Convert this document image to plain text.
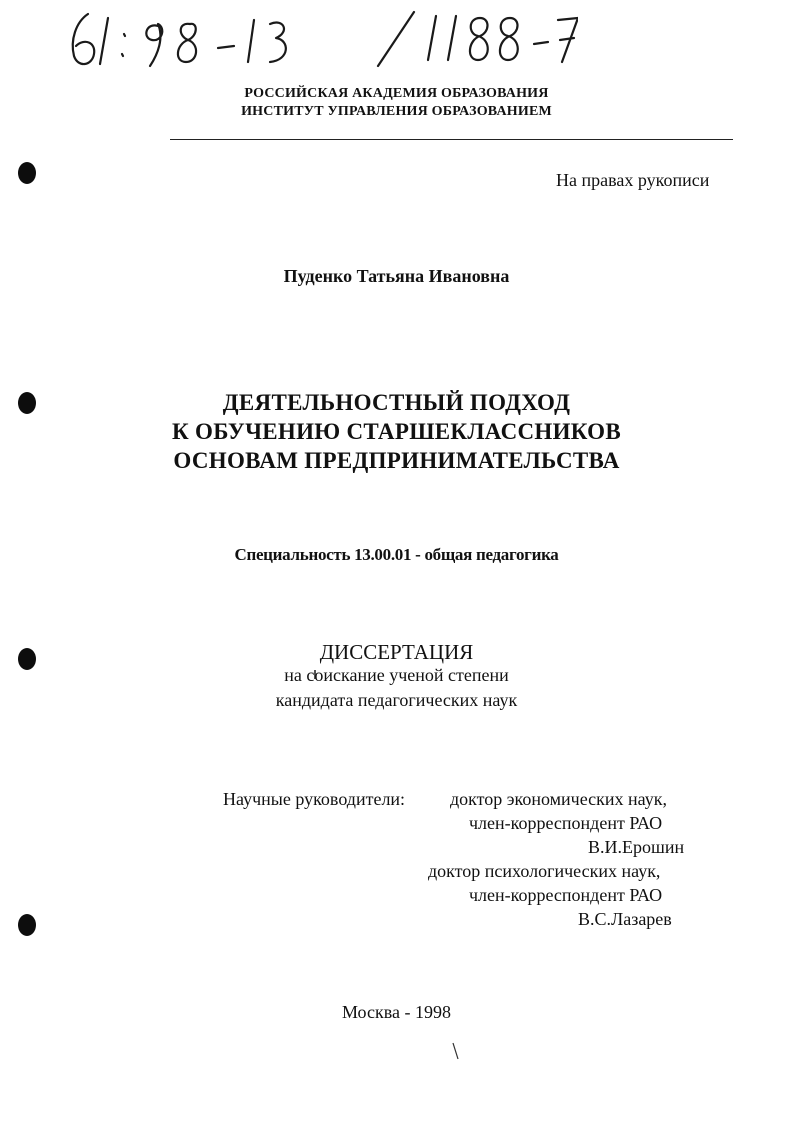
РОССИЙСКАЯ АКАДЕМИЯ ОБРАЗОВАНИЯ
ИНСТИТУТ УПРАВЛЕНИЯ ОБРАЗОВАНИЕМ
На правах рукописи
Пуденко Татьяна Ивановна
ДЕЯТЕЛЬНОСТНЫЙ ПОДХОД
К ОБУЧЕНИЮ СТАРШЕКЛАССНИКОВ
ОСНОВАМ ПРЕДПРИНИМАТЕЛЬСТВА
Специальность 13.00.01 - общая педагогика
ДИССЕРТАЦИЯ
на соискание ученой степени
кандидата педагогических наук
Научные руководители: доктор экономических наук,
член-корреспондент РАО
В.И.Ерошин
доктор психологических наук,
член-корреспондент РАО
В.С.Лазарев
Москва - 1998
